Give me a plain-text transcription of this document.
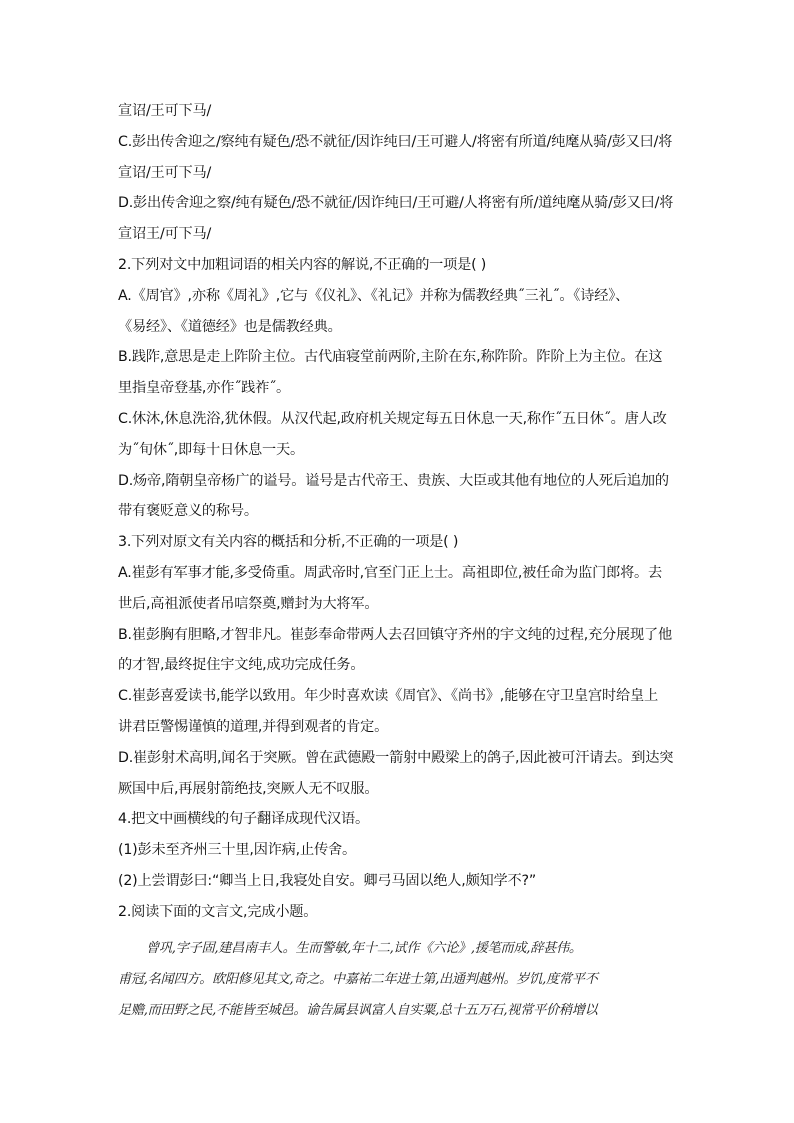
宣诏/王可下马/
C.彭出传舍迎之/察纯有疑色/恐不就征/因诈纯曰/王可避人/将密有所道/纯麾从骑/彭又曰/将
宣诏/王可下马/
D.彭出传舍迎之察/纯有疑色/恐不就征/因诈纯曰/王可避/人将密有所/道纯麾从骑/彭又曰/将
宣诏王/可下马/
2.下列对文中加粗词语的相关内容的解说,不正确的一项是( )
A.《周官》,亦称《周礼》,它与《仪礼》、《礼记》并称为儒教经典˝三礼˝。《诗经》、
《易经》、《道德经》也是儒教经典。
B.践阼,意思是走上阼阶主位。古代庙寝堂前两阶,主阶在东,称阼阶。阼阶上为主位。在这
里指皇帝登基,亦作˝践祚˝。
C.休沐,休息洗浴,犹休假。从汉代起,政府机关规定每五日休息一天,称作˝五日休˝。唐人改
为˝旬休˝,即每十日休息一天。
D.炀帝,隋朝皇帝杨广的谥号。谥号是古代帝王、贵族、大臣或其他有地位的人死后追加的
带有褒贬意义的称号。
3.下列对原文有关内容的概括和分析,不正确的一项是( )
A.崔彭有军事才能,多受倚重。周武帝时,官至门正上士。高祖即位,被任命为监门郎将。去
世后,高祖派使者吊唁祭奠,赠封为大将军。
B.崔彭胸有胆略,才智非凡。崔彭奉命带两人去召回镇守齐州的宇文纯的过程,充分展现了他
的才智,最终捉住宇文纯,成功完成任务。
C.崔彭喜爱读书,能学以致用。年少时喜欢读《周官》、《尚书》,能够在守卫皇宫时给皇上
讲君臣警惕谨慎的道理,并得到观者的肯定。
D.崔彭射术高明,闻名于突厥。曾在武德殿一箭射中殿梁上的鸽子,因此被可汗请去。到达突
厥国中后,再展射箭绝技,突厥人无不叹服。
4.把文中画横线的句子翻译成现代汉语。
(1)彭未至齐州三十里,因诈病,止传舍。
(2)上尝谓彭曰:“卿当上日,我寝处自安。卿弓马固以绝人,颇知学不?”
2.阅读下面的文言文,完成小题。
曾巩,字子固,建昌南丰人。生而警敏,年十二,试作《六论》,援笔而成,辞甚伟。
甫冠,名闻四方。欧阳修见其文,奇之。中嘉祐二年进士第,出通判越州。岁饥,度常平不
足赡,而田野之民,不能皆至城邑。谕告属县讽富人自实粟,总十五万石,视常平价稍增以
